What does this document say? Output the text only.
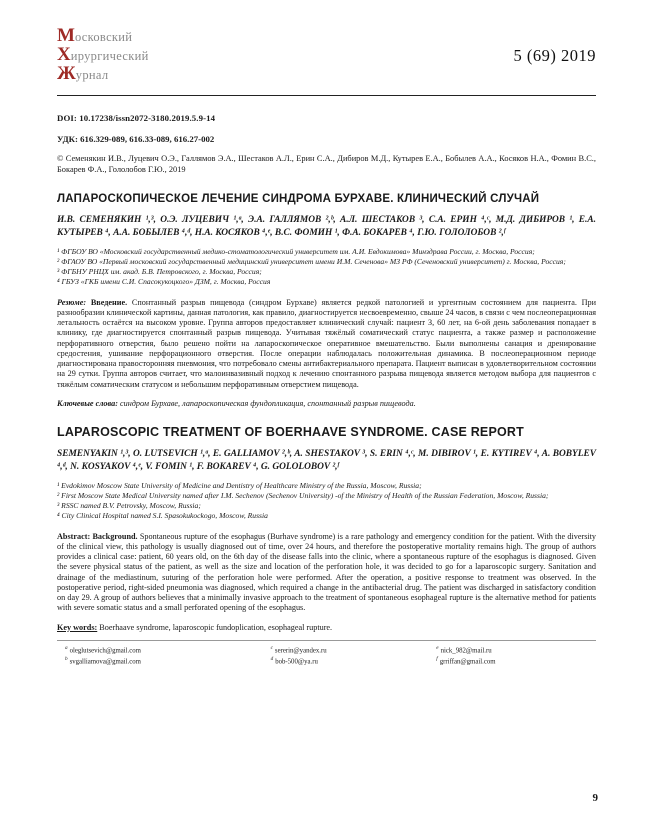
Московский
Хирургический
Журнал
5 (69) 2019

DOI: 10.17238/issn2072-3180.2019.5.9-14

УДК: 616.329-089, 616.33-089, 616.27-002

© Семенякин И.В., Луцевич О.Э., Галлямов Э.А., Шестаков А.Л., Ерин С.А., Дибиров М.Д., Кутырев Е.А., Бобылев А.А., Косяков Н.А., Фомин В.С., Бокарев Ф.А., Гололобов Г.Ю., 2019

ЛАПАРОСКОПИЧЕСКОЕ ЛЕЧЕНИЕ СИНДРОМА БУРХАВЕ. КЛИНИЧЕСКИЙ СЛУЧАЙ

И.В. СЕМЕНЯКИН ¹,³, О.Э. ЛУЦЕВИЧ ¹,ᵃ, Э.А. ГАЛЛЯМОВ ²,ᵇ, А.Л. ШЕСТАКОВ ³, С.А. ЕРИН ⁴,ᶜ, М.Д. ДИБИРОВ ¹, Е.А. КУТЫРЕВ ⁴, А.А. БОБЫЛЕВ ⁴,ᵈ, Н.А. КОСЯКОВ ⁴,ᵉ, В.С. ФОМИН ¹, Ф.А. БОКАРЕВ ⁴, Г.Ю. ГОЛОЛОБОВ ²,ᶠ

¹ ФГБОУ ВО «Московский государственный медико-стоматологический университет им. А.И. Евдокимова» Минздрава России, г. Москва, Россия;

² ФГАОУ ВО «Первый московский государственный медицинский университет имени И.М. Сеченова» МЗ РФ (Сеченовский университет) г. Москва, Россия;

³ ФГБНУ РНЦХ им. акад. Б.В. Петровского, г. Москва, Россия;

⁴ ГБУЗ «ГКБ имени С.И. Спасокукоцкого» ДЗМ, г. Москва, Россия

Резюме: Введение. Спонтанный разрыв пищевода (синдром Бурхаве) является редкой патологией и ургентным состоянием для пациента. При разнообразии клинической картины, данная патология, как правило, диагностируется несвоевременно, свыше 24 часов, в связи с чем послеоперационная летальность остаётся на высоком уровне. Группа авторов предоставляет клинический случай: пациент З, 60 лет, на 6-ой день заболевания попадает в клинику, где диагностируется спонтанный разрыв пищевода. Учитывая тяжёлый соматический статус пациента, а также размер и расположение перфоративного отверстия, было решено пойти на лапароскопическое оперативное вмешательство. Были выполнены санация и дренирование средостения, ушивание перфорационного отверстия. После операции наблюдалась положительная динамика. В послеоперационном периоде диагностирована правосторонняя пневмония, что потребовало смены антибактериального препарата. Пациент выписан в удовлетворительном состоянии на 29 сутки. Группа авторов считает, что малоинвазивный подход к лечению спонтанного разрыва пищевода является методом выбора для пациентов с тяжёлым соматическим статусом и небольшим перфоративным отверстием пищевода.

Ключевые слова: синдром Бурхаве, лапароскопическая фундопликация, спонтанный разрыв пищевода.

LAPAROSCOPIC TREATMENT OF BOERHAAVE SYNDROME. CASE REPORT

SEMENYAKIN ¹,³, O. LUTSEVICH ¹,ᵃ, E. GALLIAMOV ²,ᵇ, A. SHESTAKOV ³, S. ERIN ⁴,ᶜ, M. DIBIROV ¹, E. KYTIREV ⁴, A. BOBYLEV ⁴,ᵈ, N. KOSYAKOV ⁴,ᵉ, V. FOMIN ¹, F. BOKAREV ⁴, G. GOLOLOBOV ²,ᶠ

¹ Evdokimov Moscow State University of Medicine and Dentistry of Healthcare Ministry of the Russia, Moscow, Russia;

² First Moscow State Medical University named after I.M. Sechenov (Sechenov University) -of the Ministry of Health of the Russian Federation, Moscow, Russia;

³ RSSC named B.V. Petrovsky, Moscow, Russia;

⁴ City Clinical Hospital named S.I. Spasokukockogo, Moscow, Russia

Abstract: Background. Spontaneous rupture of the esophagus (Burhave syndrome) is a rare pathology and emergency condition for the patient. With the diversity of the clinical view, this pathology is usually diagnosed out of time, over 24 hours, and therefore the postoperative mortality remains high. The group of authors provides a clinical case: patient, 60 years old, on the 6th day of the disease falls into the clinic, where a spontaneous rupture of the esophagus is diagnosed. Given the severe physical status of the patient, as well as the size and location of the perforation hole, it was decided to go for a laparoscopic surgery. Sanitation and drainage of the mediastinum, suturing of the perforation hole were performed. After the operation, a positive response to treatment was observed. In the postoperative period, right-sided pneumonia was diagnosed, which required a change in the antibacterial drug. The patient was discharged in satisfactory condition on day 29. A group of authors believes that a minimally invasive approach to the treatment of spontaneous esophageal rupture is the alternative method for patients with severe somatic status and a small perforated opening of the esophagus.

Key words: Boerhaave syndrome, laparoscopic fundoplication, esophageal rupture.

$^a$ oleglutsevich@gmail.com	$^c$ sererin@yandex.ru	$^e$ nick_982@mail.ru
$^b$ svgalliamova@gmail.com	$^d$ bob-500@ya.ru	$^f$ grriffan@gmail.com
9
